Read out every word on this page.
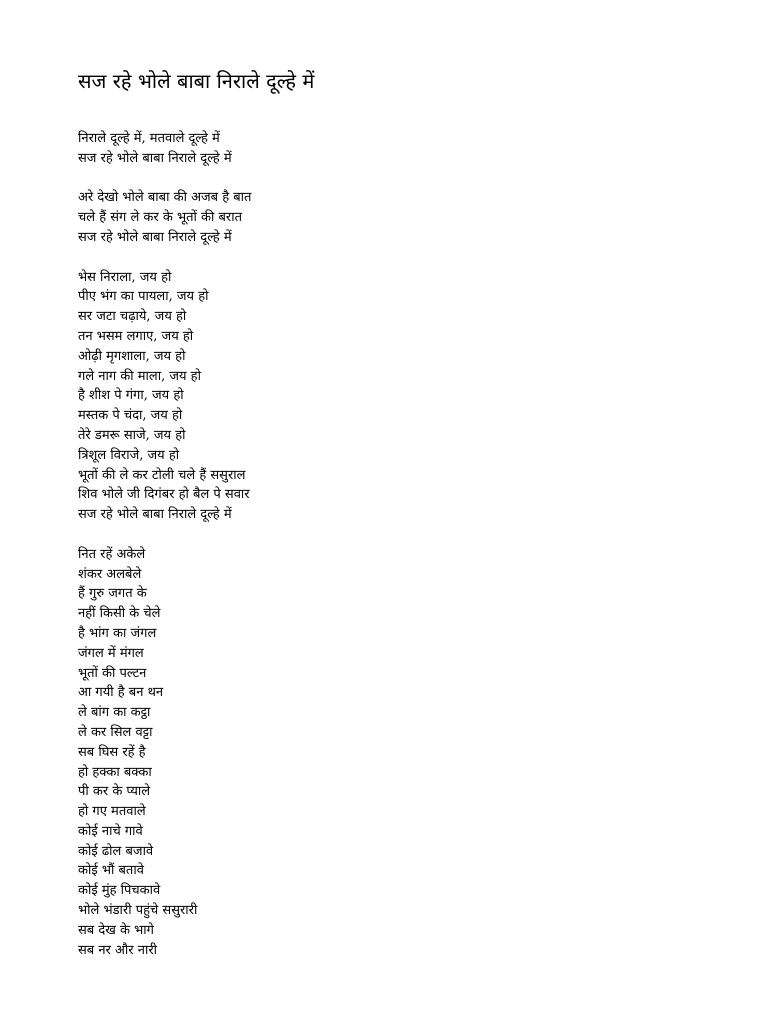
सज रहे भोले बाबा निराले दूल्हे में
निराले दूल्हे में, मतवाले दूल्हे में
सज रहे भोले बाबा निराले दूल्हे में
अरे देखो भोले बाबा की अजब है बात
चले हैं संग ले कर के भूतों की बरात
सज रहे भोले बाबा निराले दूल्हे में
भेस निराला, जय हो
पीए भंग का पायला, जय हो
सर जटा चढ़ाये, जय हो
तन भसम लगाए, जय हो
ओढ़ी मृगशाला, जय हो
गले नाग की माला, जय हो
है शीश पे गंगा, जय हो
मस्तक पे चंदा, जय हो
तेरे डमरू साजे, जय हो
त्रिशूल विराजे, जय हो
भूतों की ले कर टोली चले हैं ससुराल
शिव भोले जी दिगंबर हो बैल पे सवार
सज रहे भोले बाबा निराले दूल्हे में
नित रहें अकेले
शंकर अलबेले
हैं गुरु जगत के
नहीं किसी के चेले
है भांग का जंगल
जंगल में मंगल
भूतों की पल्टन
आ गयी है बन थन
ले बांग का कट्ठा
ले कर सिल वट्टा
सब घिस रहें है
हो हक्का बक्का
पी कर के प्याले
हो गए मतवाले
कोई नाचे गावे
कोई ढोल बजावे
कोई भौं बतावे
कोई मुंह पिचकावे
भोले भंडारी पहुंचे ससुरारी
सब देख के भागे
सब नर और नारी
